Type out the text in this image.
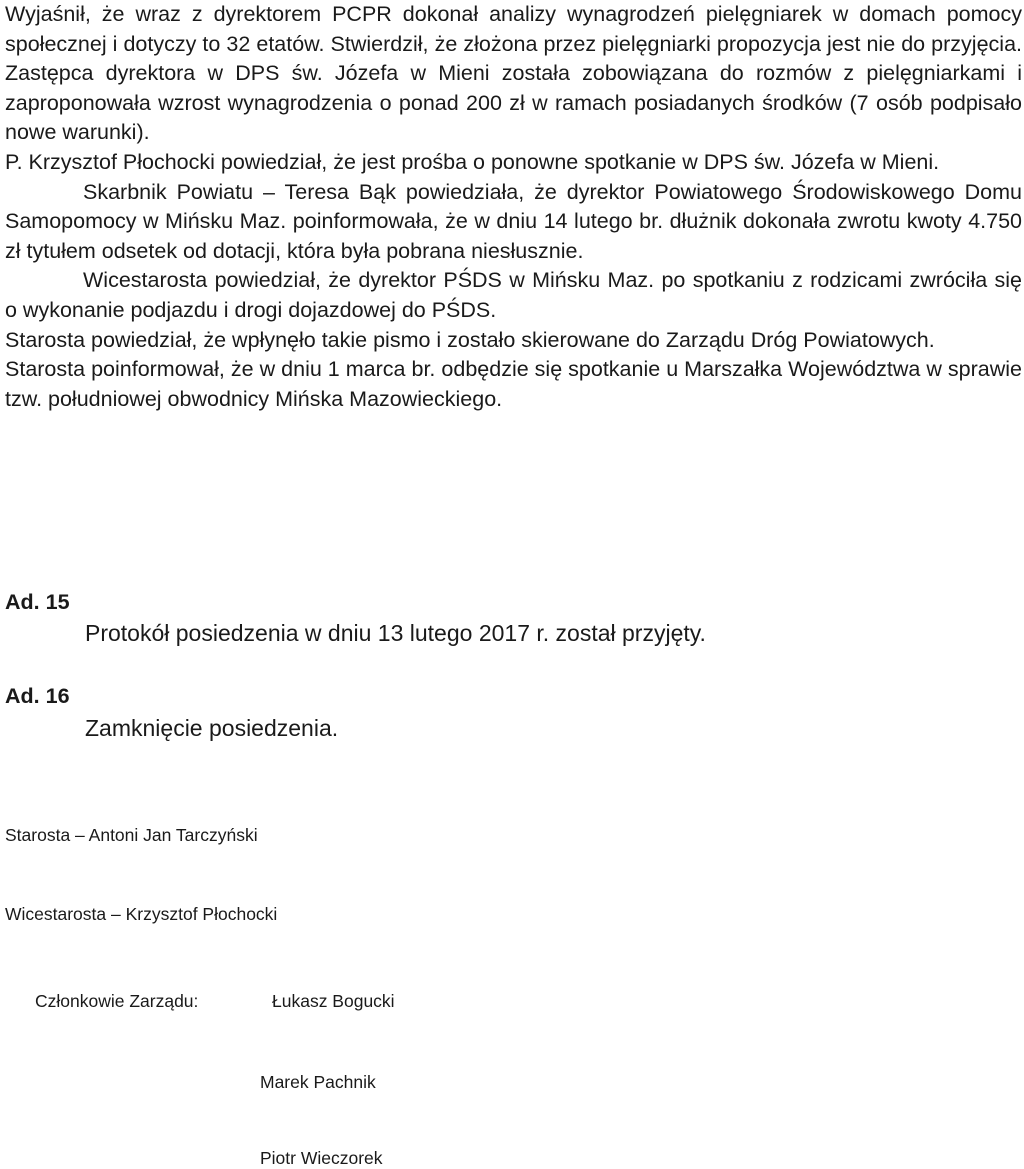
Wyjaśnił, że wraz z dyrektorem PCPR dokonał analizy wynagrodzeń pielęgniarek w domach pomocy społecznej i dotyczy to 32 etatów. Stwierdził, że złożona przez pielęgniarki propozycja jest nie do przyjęcia. Zastępca dyrektora w DPS św. Józefa w Mieni została zobowiązana do rozmów z pielęgniarkami i zaproponowała wzrost wynagrodzenia o ponad 200 zł w ramach posiadanych środków (7 osób podpisało nowe warunki).

P. Krzysztof Płochocki powiedział, że jest prośba o ponowne spotkanie w DPS św. Józefa w Mieni.

Skarbnik Powiatu – Teresa Bąk powiedziała, że dyrektor Powiatowego Środowiskowego Domu Samopomocy w Mińsku Maz. poinformowała, że w dniu 14 lutego br. dłużnik dokonała zwrotu kwoty 4.750 zł tytułem odsetek od dotacji, która była pobrana niesłusznie.

Wicestarosta powiedział, że dyrektor PŚDS w Mińsku Maz. po spotkaniu z rodzicami zwróciła się o wykonanie podjazdu i drogi dojazdowej do PŚDS.

Starosta powiedział, że wpłynęło takie pismo i zostało skierowane do Zarządu Dróg Powiatowych.

Starosta poinformował, że w dniu 1 marca br. odbędzie się spotkanie u Marszałka Województwa w sprawie tzw. południowej obwodnicy Mińska Mazowieckiego.

Ad. 15

Protokół posiedzenia w dniu 13 lutego 2017 r. został przyjęty.

Ad. 16

Zamknięcie posiedzenia.

Starosta – Antoni Jan Tarczyński

Wicestarosta – Krzysztof Płochocki

Członkowie Zarządu:	Łukasz Bogucki

Marek Pachnik

Piotr Wieczorek
